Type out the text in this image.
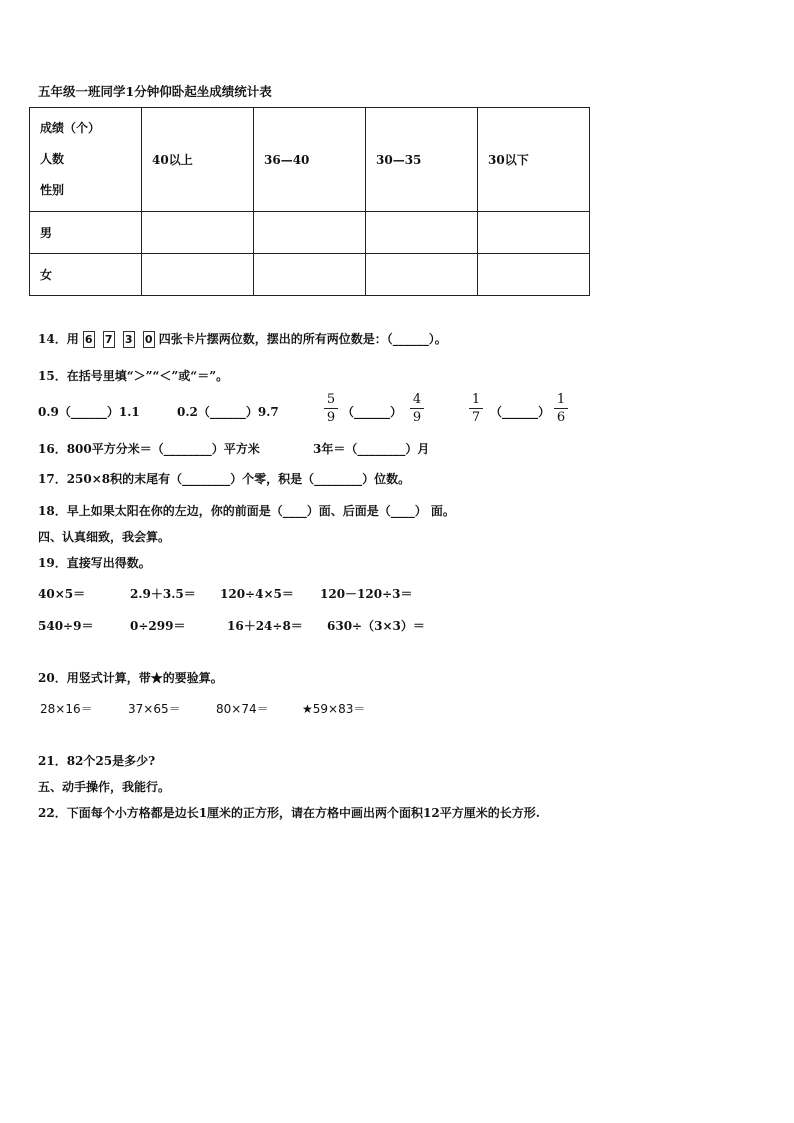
五年级一班同学1分钟仰卧起坐成绩统计表
成绩（个）
人数
性别	40以上	36—40	30—35	30以下
男				
女				
14．用 6 7 3 0 四张卡片摆两位数，摆出的所有两位数是：（______）。
15．在括号里填“＞”“＜”或“＝”。
0.9（______）1.1	0.2（______）9.7
5
9 （______）
4
9
1
7 （______）
1
6
16．800平方分米＝（________）平方米	3年＝（________）月
17．250×8积的末尾有（________）个零，积是（________）位数。
18．早上如果太阳在你的左边，你的前面是（____）面、后面是（____） 面。
四、认真细致，我会算。
19．直接写出得数。
40×5＝	2.9＋3.5＝ 120÷4×5＝ 120－120÷3＝
540÷9＝	0÷299＝	16＋24÷8＝ 630÷（3×3）＝
20．用竖式计算，带★的要验算。
28×16＝	37×65＝	80×74＝	★59×83＝
21．82个25是多少?
五、动手操作，我能行。
22．下面每个小方格都是边长1厘米的正方形，请在方格中画出两个面积12平方厘米的长方形.
